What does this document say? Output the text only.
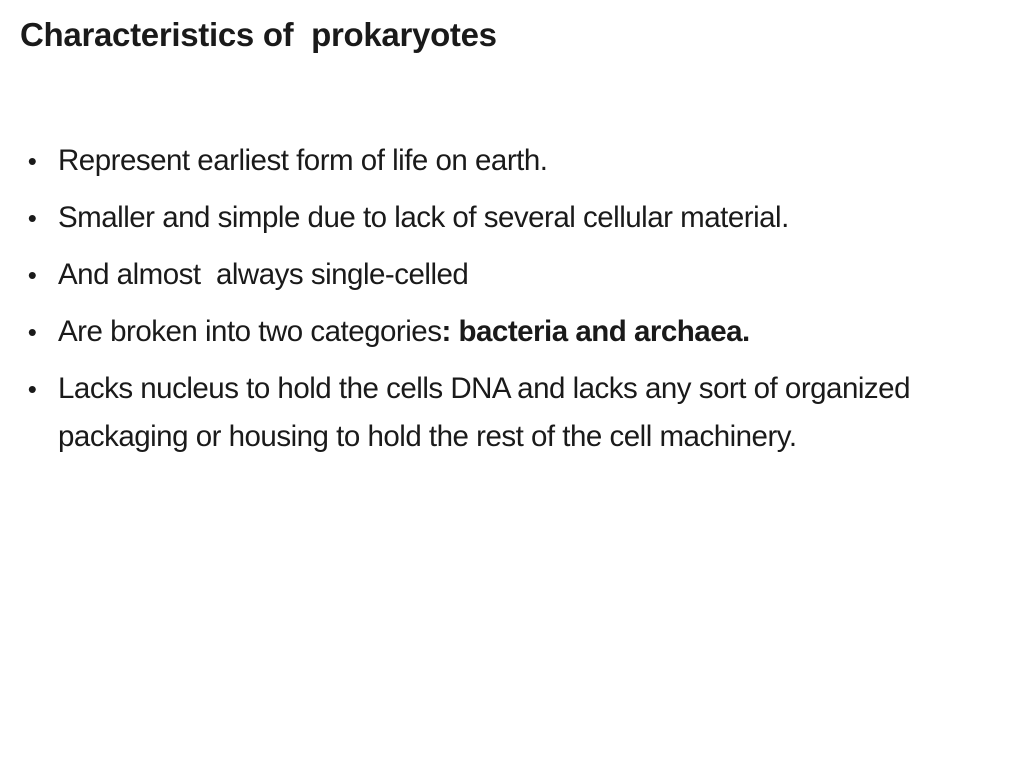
Characteristics of  prokaryotes
• Represent earliest form of life on earth.
• Smaller and simple due to lack of several cellular material.
• And almost  always single-celled
• Are broken into two categories: bacteria and archaea.
• Lacks nucleus to hold the cells DNA and lacks any sort of organized packaging or housing to hold the rest of the cell machinery.
